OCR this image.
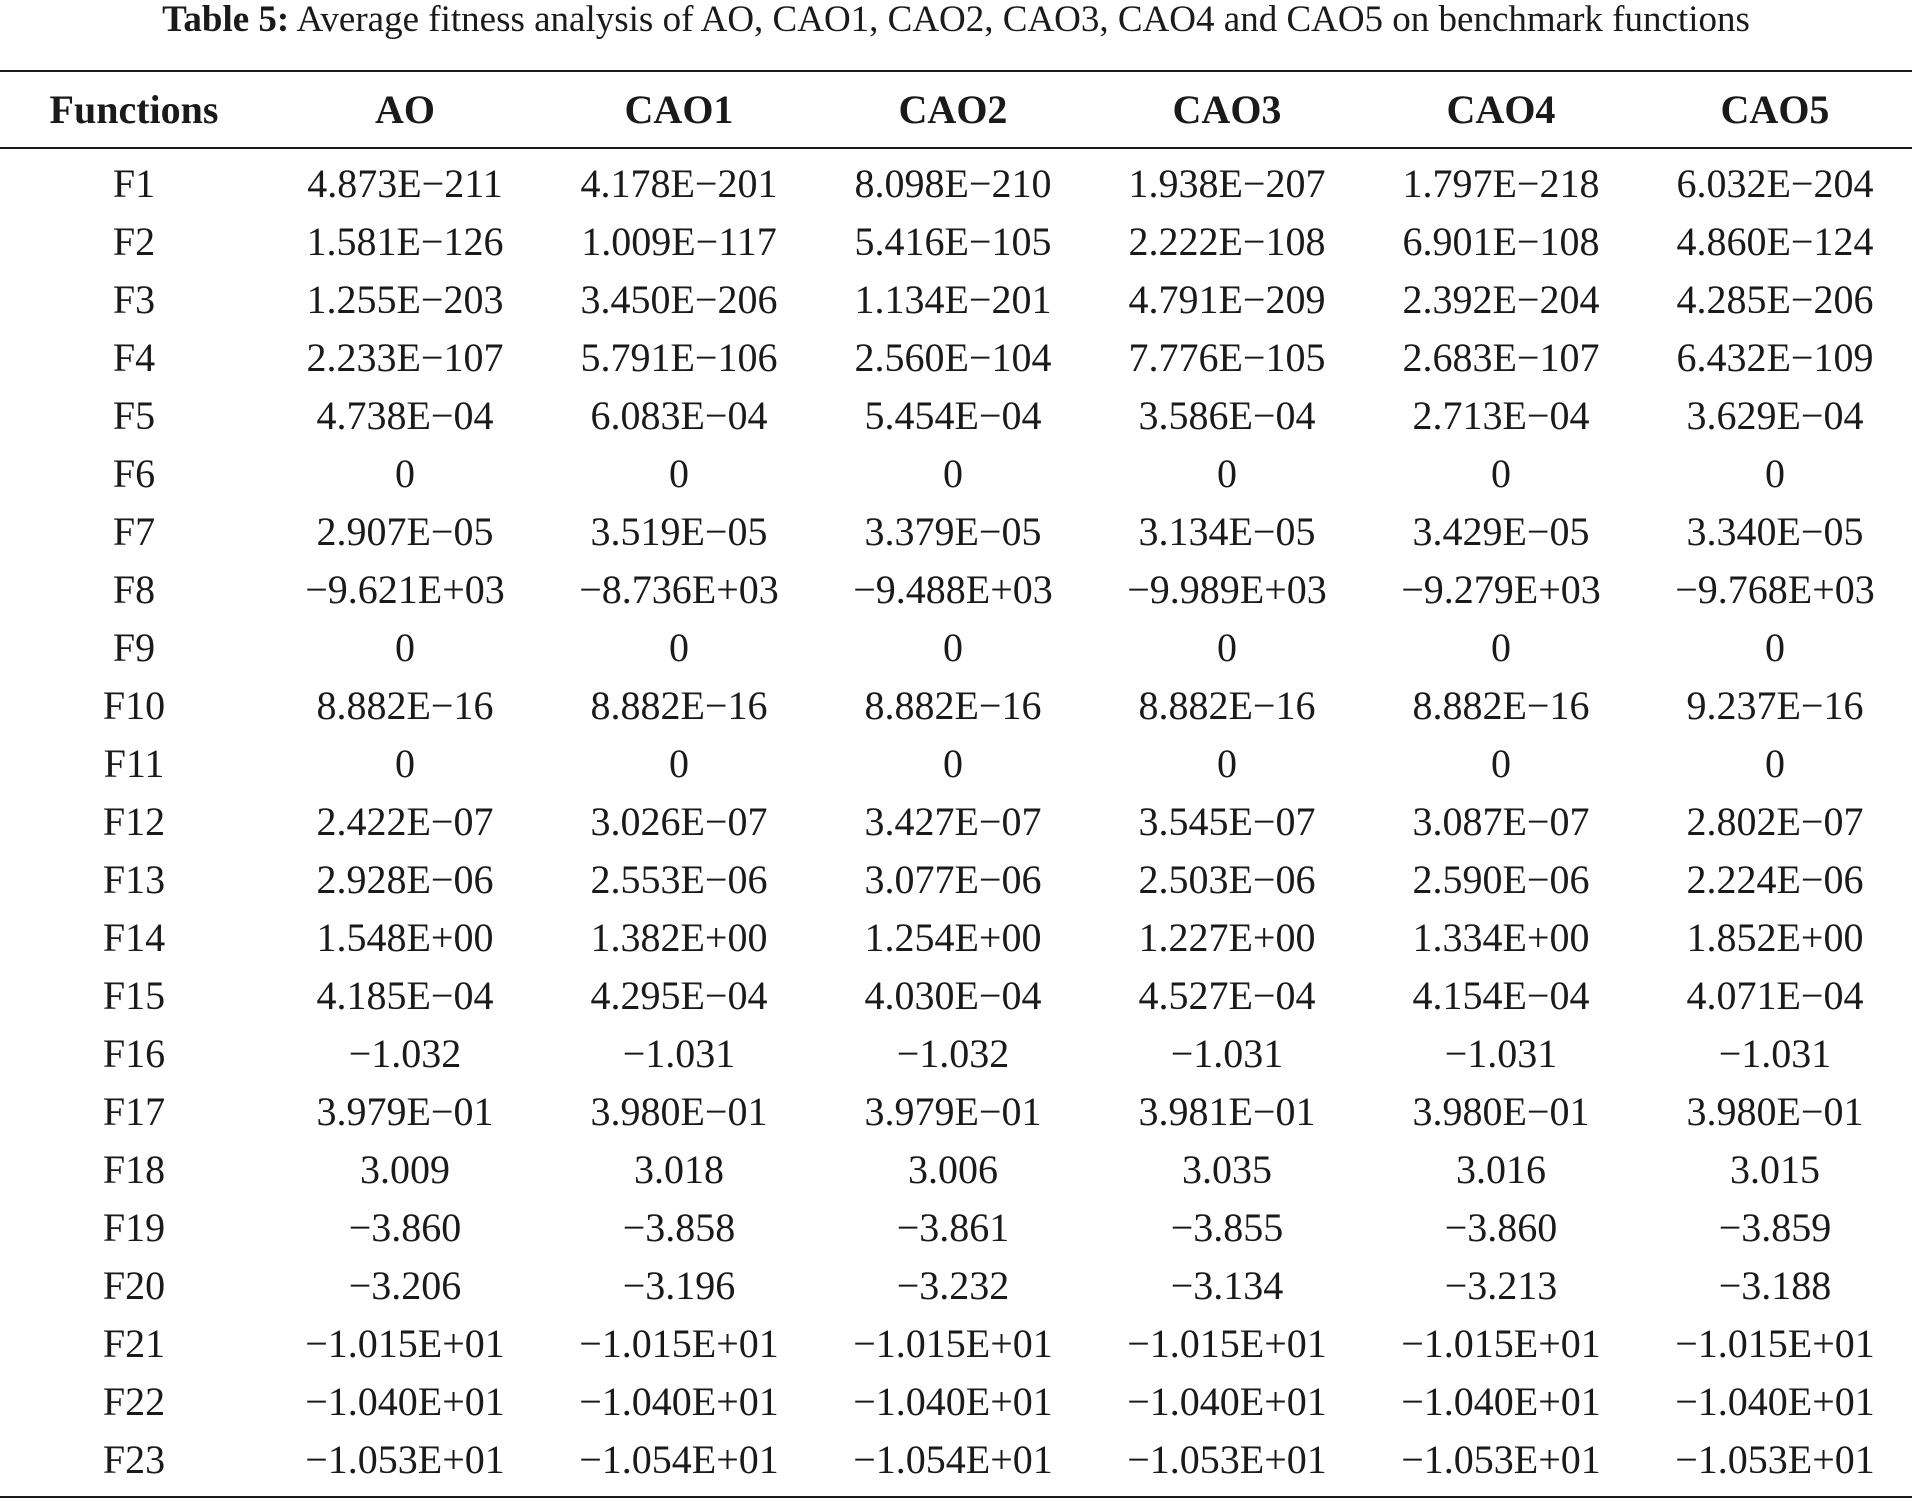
Table 5: Average fitness analysis of AO, CAO1, CAO2, CAO3, CAO4 and CAO5 on benchmark functions
Functions	AO	CAO1	CAO2	CAO3	CAO4	CAO5

F1	4.873E−211	4.178E−201	8.098E−210	1.938E−207	1.797E−218	6.032E−204
F2	1.581E−126	1.009E−117	5.416E−105	2.222E−108	6.901E−108	4.860E−124
F3	1.255E−203	3.450E−206	1.134E−201	4.791E−209	2.392E−204	4.285E−206
F4	2.233E−107	5.791E−106	2.560E−104	7.776E−105	2.683E−107	6.432E−109
F5	4.738E−04	6.083E−04	5.454E−04	3.586E−04	2.713E−04	3.629E−04
F6	0	0	0	0	0	0
F7	2.907E−05	3.519E−05	3.379E−05	3.134E−05	3.429E−05	3.340E−05
F8	−9.621E+03	−8.736E+03	−9.488E+03	−9.989E+03	−9.279E+03	−9.768E+03
F9	0	0	0	0	0	0
F10	8.882E−16	8.882E−16	8.882E−16	8.882E−16	8.882E−16	9.237E−16
F11	0	0	0	0	0	0
F12	2.422E−07	3.026E−07	3.427E−07	3.545E−07	3.087E−07	2.802E−07
F13	2.928E−06	2.553E−06	3.077E−06	2.503E−06	2.590E−06	2.224E−06
F14	1.548E+00	1.382E+00	1.254E+00	1.227E+00	1.334E+00	1.852E+00
F15	4.185E−04	4.295E−04	4.030E−04	4.527E−04	4.154E−04	4.071E−04
F16	−1.032	−1.031	−1.032	−1.031	−1.031	−1.031
F17	3.979E−01	3.980E−01	3.979E−01	3.981E−01	3.980E−01	3.980E−01
F18	3.009	3.018	3.006	3.035	3.016	3.015
F19	−3.860	−3.858	−3.861	−3.855	−3.860	−3.859
F20	−3.206	−3.196	−3.232	−3.134	−3.213	−3.188
F21	−1.015E+01	−1.015E+01	−1.015E+01	−1.015E+01	−1.015E+01	−1.015E+01
F22	−1.040E+01	−1.040E+01	−1.040E+01	−1.040E+01	−1.040E+01	−1.040E+01
F23	−1.053E+01	−1.054E+01	−1.054E+01	−1.053E+01	−1.053E+01	−1.053E+01
